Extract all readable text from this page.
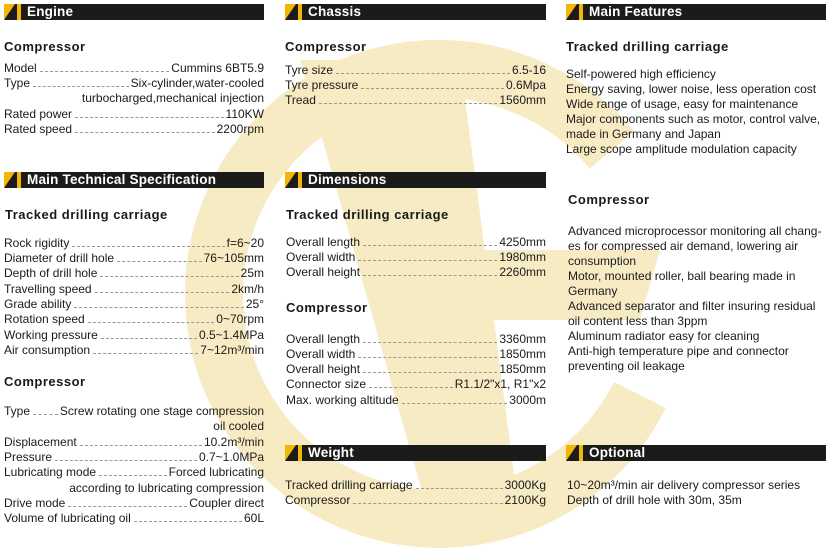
Engine
Compressor
Model	Cummins 6BT5.9
Type	Six-cylinder,water-cooled
turbocharged,mechanical injection
Rated power	110KW
Rated speed	2200rpm
Chassis
Compressor
Tyre size	6.5-16
Tyre pressure	0.6Mpa
Tread	1560mm
Main Features
Tracked drilling carriage
Self-powered high efficiency
Energy saving, lower noise, less operation cost
Wide range of usage, easy for maintenance
Major components such as motor, control valve,
made in Germany and Japan
Large scope amplitude modulation capacity
Compressor
Advanced microprocessor monitoring all chang-
es for compressed air demand, lowering air
consumption
Motor, mounted roller, ball bearing made in
Germany
Advanced separator and filter insuring residual
oil content less than 3ppm
Aluminum radiator easy for cleaning
Anti-high temperature pipe and connector
preventing oil leakage
Main Technical Specification
Tracked drilling carriage
Rock rigidity	f=6~20
Diameter of drill hole	76~105mm
Depth of drill hole	25m
Travelling speed	2km/h
Grade ability	25°
Rotation speed	0~70rpm
Working pressure	0.5~1.4MPa
Air consumption	7~12m³/min
Compressor
Type Screw rotating one stage compression
oil cooled
Displacement	10.2m³/min
Pressure	0.7~1.0MPa
Lubricating mode	Forced lubricating
according to lubricating compression
Drive mode	Coupler direct
Volume of lubricating oil	60L
Dimensions
Tracked drilling carriage
Overall length	4250mm
Overall width	1980mm
Overall height	2260mm
Compressor
Overall length	3360mm
Overall width	1850mm
Overall height	1850mm
Connector size	R1.1/2"x1, R1"x2
Max. working altitude	3000m
Weight
Tracked drilling carriage	3000Kg
Compressor	2100Kg
Optional
10~20m³/min air delivery compressor series
Depth of drill hole with 30m, 35m
